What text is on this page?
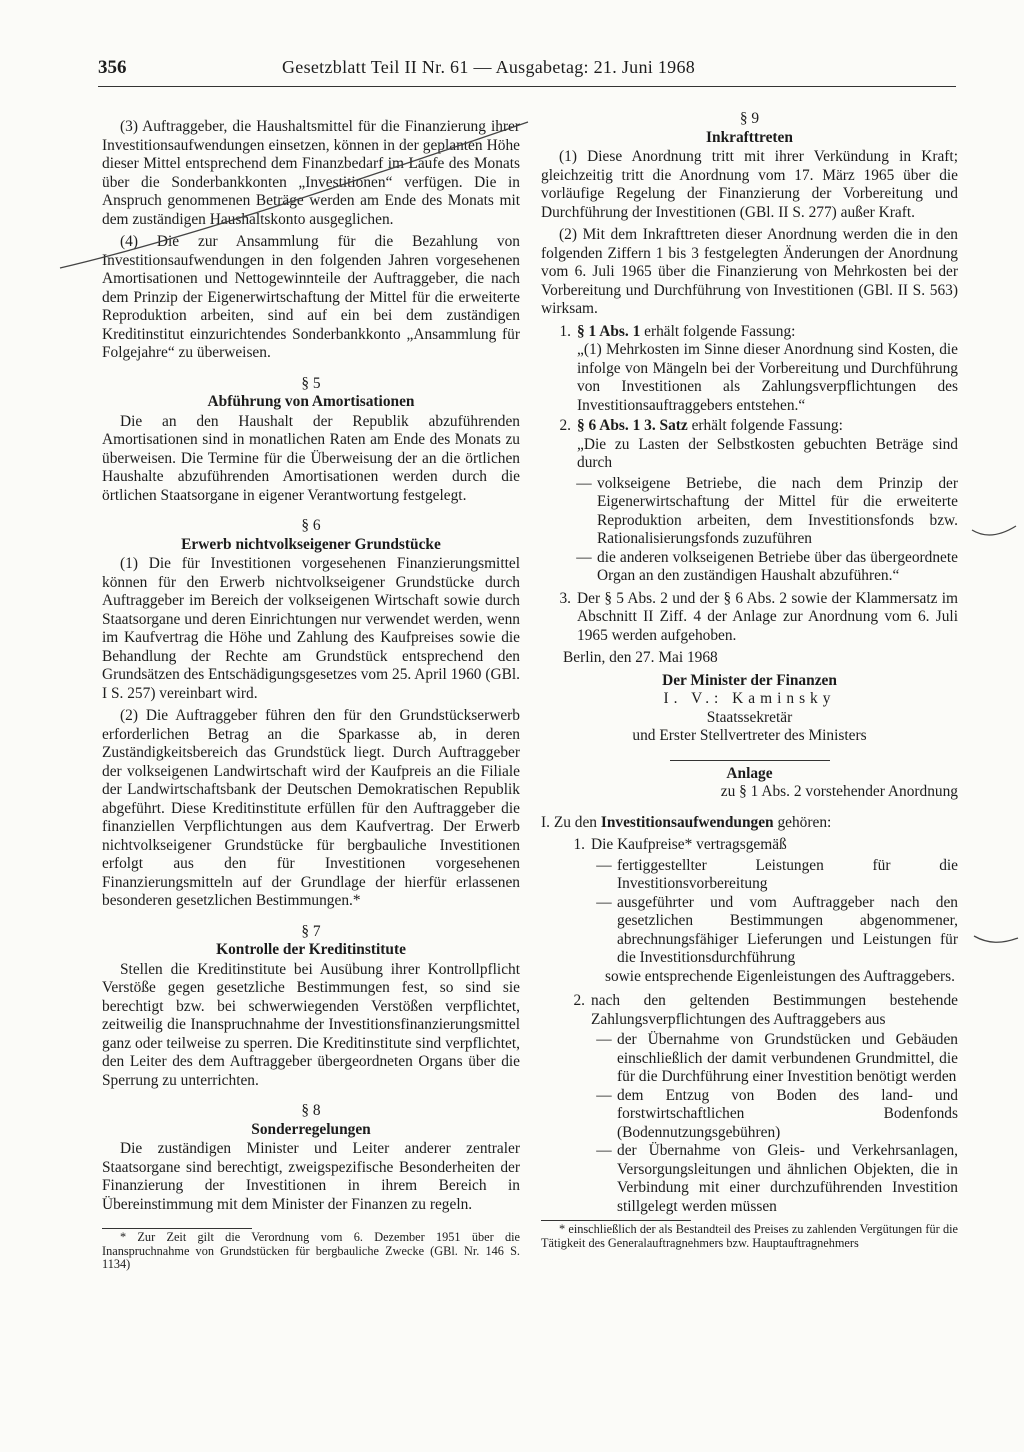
356	Gesetzblatt Teil II Nr. 61 — Ausgabetag: 21. Juni 1968

(3) Auftraggeber, die Haushaltsmittel für die Finanzierung ihrer Investitionsaufwendungen einsetzen, können in der geplanten Höhe dieser Mittel entsprechend dem Finanzbedarf im Laufe des Monats über die Sonderbankkonten „Investitionen“ verfügen. Die in Anspruch genommenen Beträge werden am Ende des Monats mit dem zuständigen Haushaltskonto ausgeglichen.

(4) Die zur Ansammlung für die Bezahlung von Investitionsaufwendungen in den folgenden Jahren vorgesehenen Amortisationen und Nettogewinnteile der Auftraggeber, die nach dem Prinzip der Eigenerwirtschaftung der Mittel für die erweiterte Reproduktion arbeiten, sind auf ein bei dem zuständigen Kreditinstitut einzurichtendes Sonderbankkonto „Ansammlung für Folgejahre“ zu überweisen.

§ 5
Abführung von Amortisationen

Die an den Haushalt der Republik abzuführenden Amortisationen sind in monatlichen Raten am Ende des Monats zu überweisen. Die Termine für die Überweisung der an die örtlichen Haushalte abzuführenden Amortisationen werden durch die örtlichen Staatsorgane in eigener Verantwortung festgelegt.

§ 6
Erwerb nichtvolkseigener Grundstücke

(1) Die für Investitionen vorgesehenen Finanzierungsmittel können für den Erwerb nichtvolkseigener Grundstücke durch Auftraggeber im Bereich der volkseigenen Wirtschaft sowie durch Staatsorgane und deren Einrichtungen nur verwendet werden, wenn im Kaufvertrag die Höhe und Zahlung des Kaufpreises sowie die Behandlung der Rechte am Grundstück entsprechend den Grundsätzen des Entschädigungsgesetzes vom 25. April 1960 (GBl. I S. 257) vereinbart wird.

(2) Die Auftraggeber führen den für den Grundstückserwerb erforderlichen Betrag an die Sparkasse ab, in deren Zuständigkeitsbereich das Grundstück liegt. Durch Auftraggeber der volkseigenen Landwirtschaft wird der Kaufpreis an die Filiale der Landwirtschaftsbank der Deutschen Demokratischen Republik abgeführt. Diese Kreditinstitute erfüllen für den Auftraggeber die finanziellen Verpflichtungen aus dem Kaufvertrag. Der Erwerb nichtvolkseigener Grundstücke für bergbauliche Investitionen erfolgt aus den für Investitionen vorgesehenen Finanzierungsmitteln auf der Grundlage der hierfür erlassenen besonderen gesetzlichen Bestimmungen.*

§ 7
Kontrolle der Kreditinstitute

Stellen die Kreditinstitute bei Ausübung ihrer Kontrollpflicht Verstöße gegen gesetzliche Bestimmungen fest, so sind sie berechtigt bzw. bei schwerwiegenden Verstößen verpflichtet, zeitweilig die Inanspruchnahme der Investitionsfinanzierungsmittel ganz oder teilweise zu sperren. Die Kreditinstitute sind verpflichtet, den Leiter des dem Auftraggeber übergeordneten Organs über die Sperrung zu unterrichten.

§ 8
Sonderregelungen

Die zuständigen Minister und Leiter anderer zentraler Staatsorgane sind berechtigt, zweigspezifische Besonderheiten der Finanzierung der Investitionen in ihrem Bereich in Übereinstimmung mit dem Minister der Finanzen zu regeln.

* Zur Zeit gilt die Verordnung vom 6. Dezember 1951 über die Inanspruchnahme von Grundstücken für bergbauliche Zwecke (GBl. Nr. 146 S. 1134)

§ 9
Inkrafttreten

(1) Diese Anordnung tritt mit ihrer Verkündung in Kraft; gleichzeitig tritt die Anordnung vom 17. März 1965 über die vorläufige Regelung der Finanzierung der Vorbereitung und Durchführung der Investitionen (GBl. II S. 277) außer Kraft.

(2) Mit dem Inkrafttreten dieser Anordnung werden die in den folgenden Ziffern 1 bis 3 festgelegten Änderungen der Anordnung vom 6. Juli 1965 über die Finanzierung von Mehrkosten bei der Vorbereitung und Durchführung von Investitionen (GBl. II S. 563) wirksam.

1. § 1 Abs. 1 erhält folgende Fassung:
„(1) Mehrkosten im Sinne dieser Anordnung sind Kosten, die infolge von Mängeln bei der Vorbereitung und Durchführung von Investitionen als Zahlungsverpflichtungen des Investitionsauftraggebers entstehen.“
2. § 6 Abs. 1 3. Satz erhält folgende Fassung:
„Die zu Lasten der Selbstkosten gebuchten Beträge sind durch
— volkseigene Betriebe, die nach dem Prinzip der Eigenerwirtschaftung der Mittel für die erweiterte Reproduktion arbeiten, dem Investitionsfonds bzw. Rationalisierungsfonds zuzuführen
— die anderen volkseigenen Betriebe über das übergeordnete Organ an den zuständigen Haushalt abzuführen.“
3. Der § 5 Abs. 2 und der § 6 Abs. 2 sowie der Klammersatz im Abschnitt II Ziff. 4 der Anlage zur Anordnung vom 6. Juli 1965 werden aufgehoben.
Berlin, den 27. Mai 1968
Der Minister der Finanzen
I. V.: Kaminsky
Staatssekretär
und Erster Stellvertreter des Ministers
Anlage
zu § 1 Abs. 2 vorstehender Anordnung
I. Zu den Investitionsaufwendungen gehören:
1. Die Kaufpreise* vertragsgemäß
— fertiggestellter Leistungen für die Investitionsvorbereitung
— ausgeführter und vom Auftraggeber nach den gesetzlichen Bestimmungen abgenommener, abrechnungsfähiger Lieferungen und Leistungen für die Investitionsdurchführung
sowie entsprechende Eigenleistungen des Auftraggebers.
2. nach den geltenden Bestimmungen bestehende Zahlungsverpflichtungen des Auftraggebers aus
— der Übernahme von Grundstücken und Gebäuden einschließlich der damit verbundenen Grundmittel, die für die Durchführung einer Investition benötigt werden
— dem Entzug von Boden des land- und forstwirtschaftlichen Bodenfonds (Bodennutzungsgebühren)
— der Übernahme von Gleis- und Verkehrsanlagen, Versorgungsleitungen und ähnlichen Objekten, die in Verbindung mit einer durchzuführenden Investition stillgelegt werden müssen

* einschließlich der als Bestandteil des Preises zu zahlenden Vergütungen für die Tätigkeit des Generalauftragnehmers bzw. Hauptauftragnehmers
